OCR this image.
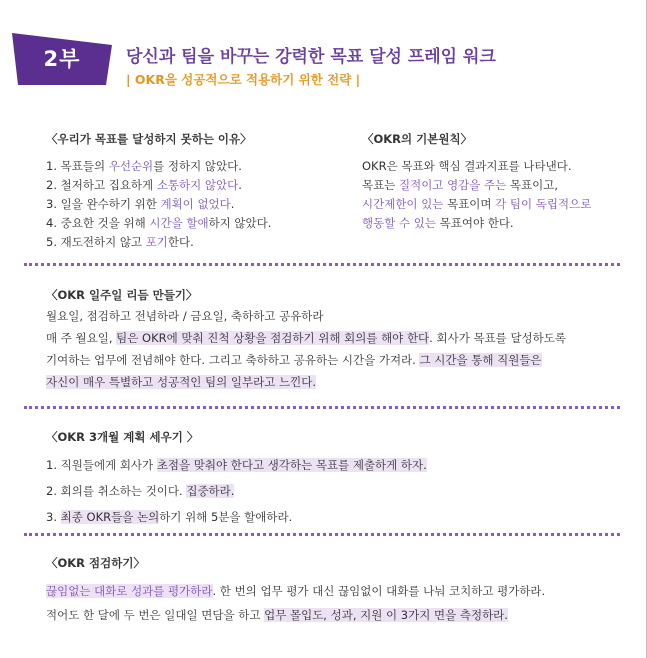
2부	당신과 팀을 바꾸는 강력한 목표 달성 프레임 워크
| OKR을 성공적으로 적용하기 위한 전략 |
〈우리가 목표를 달성하지 못하는 이유〉
1. 목표들의 우선순위를 정하지 않았다.
2. 철저하고 집요하게 소통하지 않았다.
3. 일을 완수하기 위한 계획이 없었다.
4. 중요한 것을 위해 시간을 할애하지 않았다.
5. 재도전하지 않고 포기한다.
〈OKR의 기본원칙〉
OKR은 목표와 핵심 결과지표를 나타낸다.
목표는 질적이고 영감을 주는 목표이고,
시간제한이 있는 목표이며 각 팀이 독립적으로
행동할 수 있는 목표여야 한다.
〈OKR 일주일 리듬 만들기〉
월요일, 점검하고 전념하라 / 금요일, 축하하고 공유하라
매 주 월요일, 팀은 OKR에 맞춰 진척 상황을 점검하기 위해 회의를 해야 한다. 회사가 목표를 달성하도록
기여하는 업무에 전념해야 한다. 그리고 축하하고 공유하는 시간을 가져라. 그 시간을 통해 직원들은
자신이 매우 특별하고 성공적인 팀의 일부라고 느낀다.
〈OKR 3개월 계획 세우기 〉
1. 직원들에게 회사가 초점을 맞춰야 한다고 생각하는 목표를 제출하게 하자.
2. 회의를 취소하는 것이다. 집중하라.
3. 최종 OKR들을 논의하기 위해 5분을 할애하라.
〈OKR 점검하기〉
끊임없는 대화로 성과를 평가하라. 한 번의 업무 평가 대신 끊임없이 대화를 나눠 코치하고 평가하라.
적어도 한 달에 두 번은 일대일 면담을 하고 업무 몰입도, 성과, 지원 이 3가지 면을 측정하라.
